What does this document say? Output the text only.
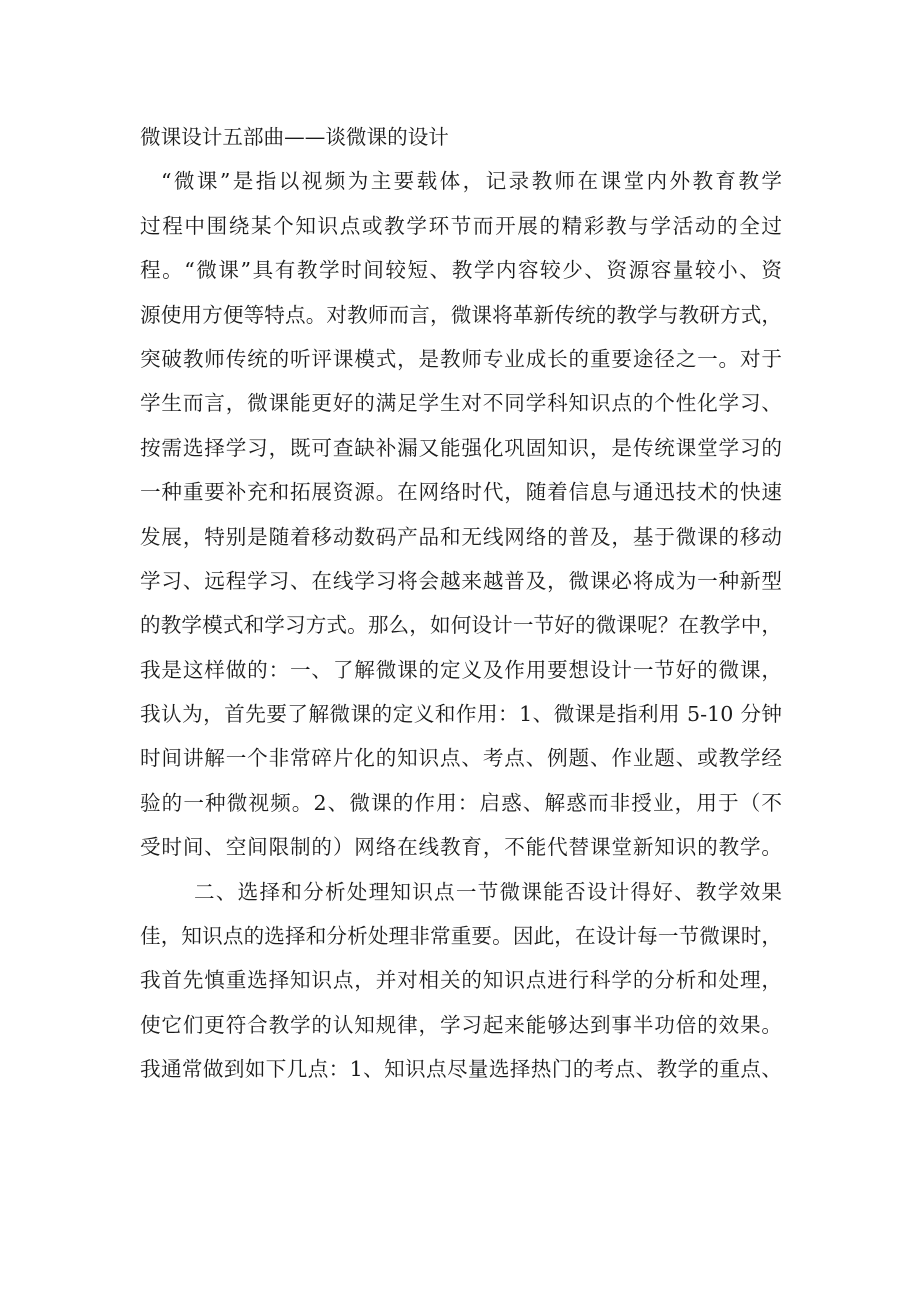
微课设计五部曲——谈微课的设计
“微课”是指以视频为主要载体，记录教师在课堂内外教育教学
过程中围绕某个知识点或教学环节而开展的精彩教与学活动的全过
程。“微课”具有教学时间较短、教学内容较少、资源容量较小、资
源使用方便等特点。对教师而言，微课将革新传统的教学与教研方式，
突破教师传统的听评课模式，是教师专业成长的重要途径之一。对于
学生而言，微课能更好的满足学生对不同学科知识点的个性化学习、
按需选择学习，既可查缺补漏又能强化巩固知识，是传统课堂学习的
一种重要补充和拓展资源。在网络时代，随着信息与通迅技术的快速
发展，特别是随着移动数码产品和无线网络的普及，基于微课的移动
学习、远程学习、在线学习将会越来越普及，微课必将成为一种新型
的教学模式和学习方式。那么，如何设计一节好的微课呢？在教学中，
我是这样做的：一、了解微课的定义及作用要想设计一节好的微课，
我认为，首先要了解微课的定义和作用：1、微课是指利用 5-10 分钟
时间讲解一个非常碎片化的知识点、考点、例题、作业题、或教学经
验的一种微视频。2、微课的作用：启惑、解惑而非授业，用于（不
受时间、空间限制的）网络在线教育，不能代替课堂新知识的教学。
二、选择和分析处理知识点一节微课能否设计得好、教学效果
佳，知识点的选择和分析处理非常重要。因此，在设计每一节微课时，
我首先慎重选择知识点，并对相关的知识点进行科学的分析和处理，
使它们更符合教学的认知规律，学习起来能够达到事半功倍的效果。
我通常做到如下几点：1、知识点尽量选择热门的考点、教学的重点、
